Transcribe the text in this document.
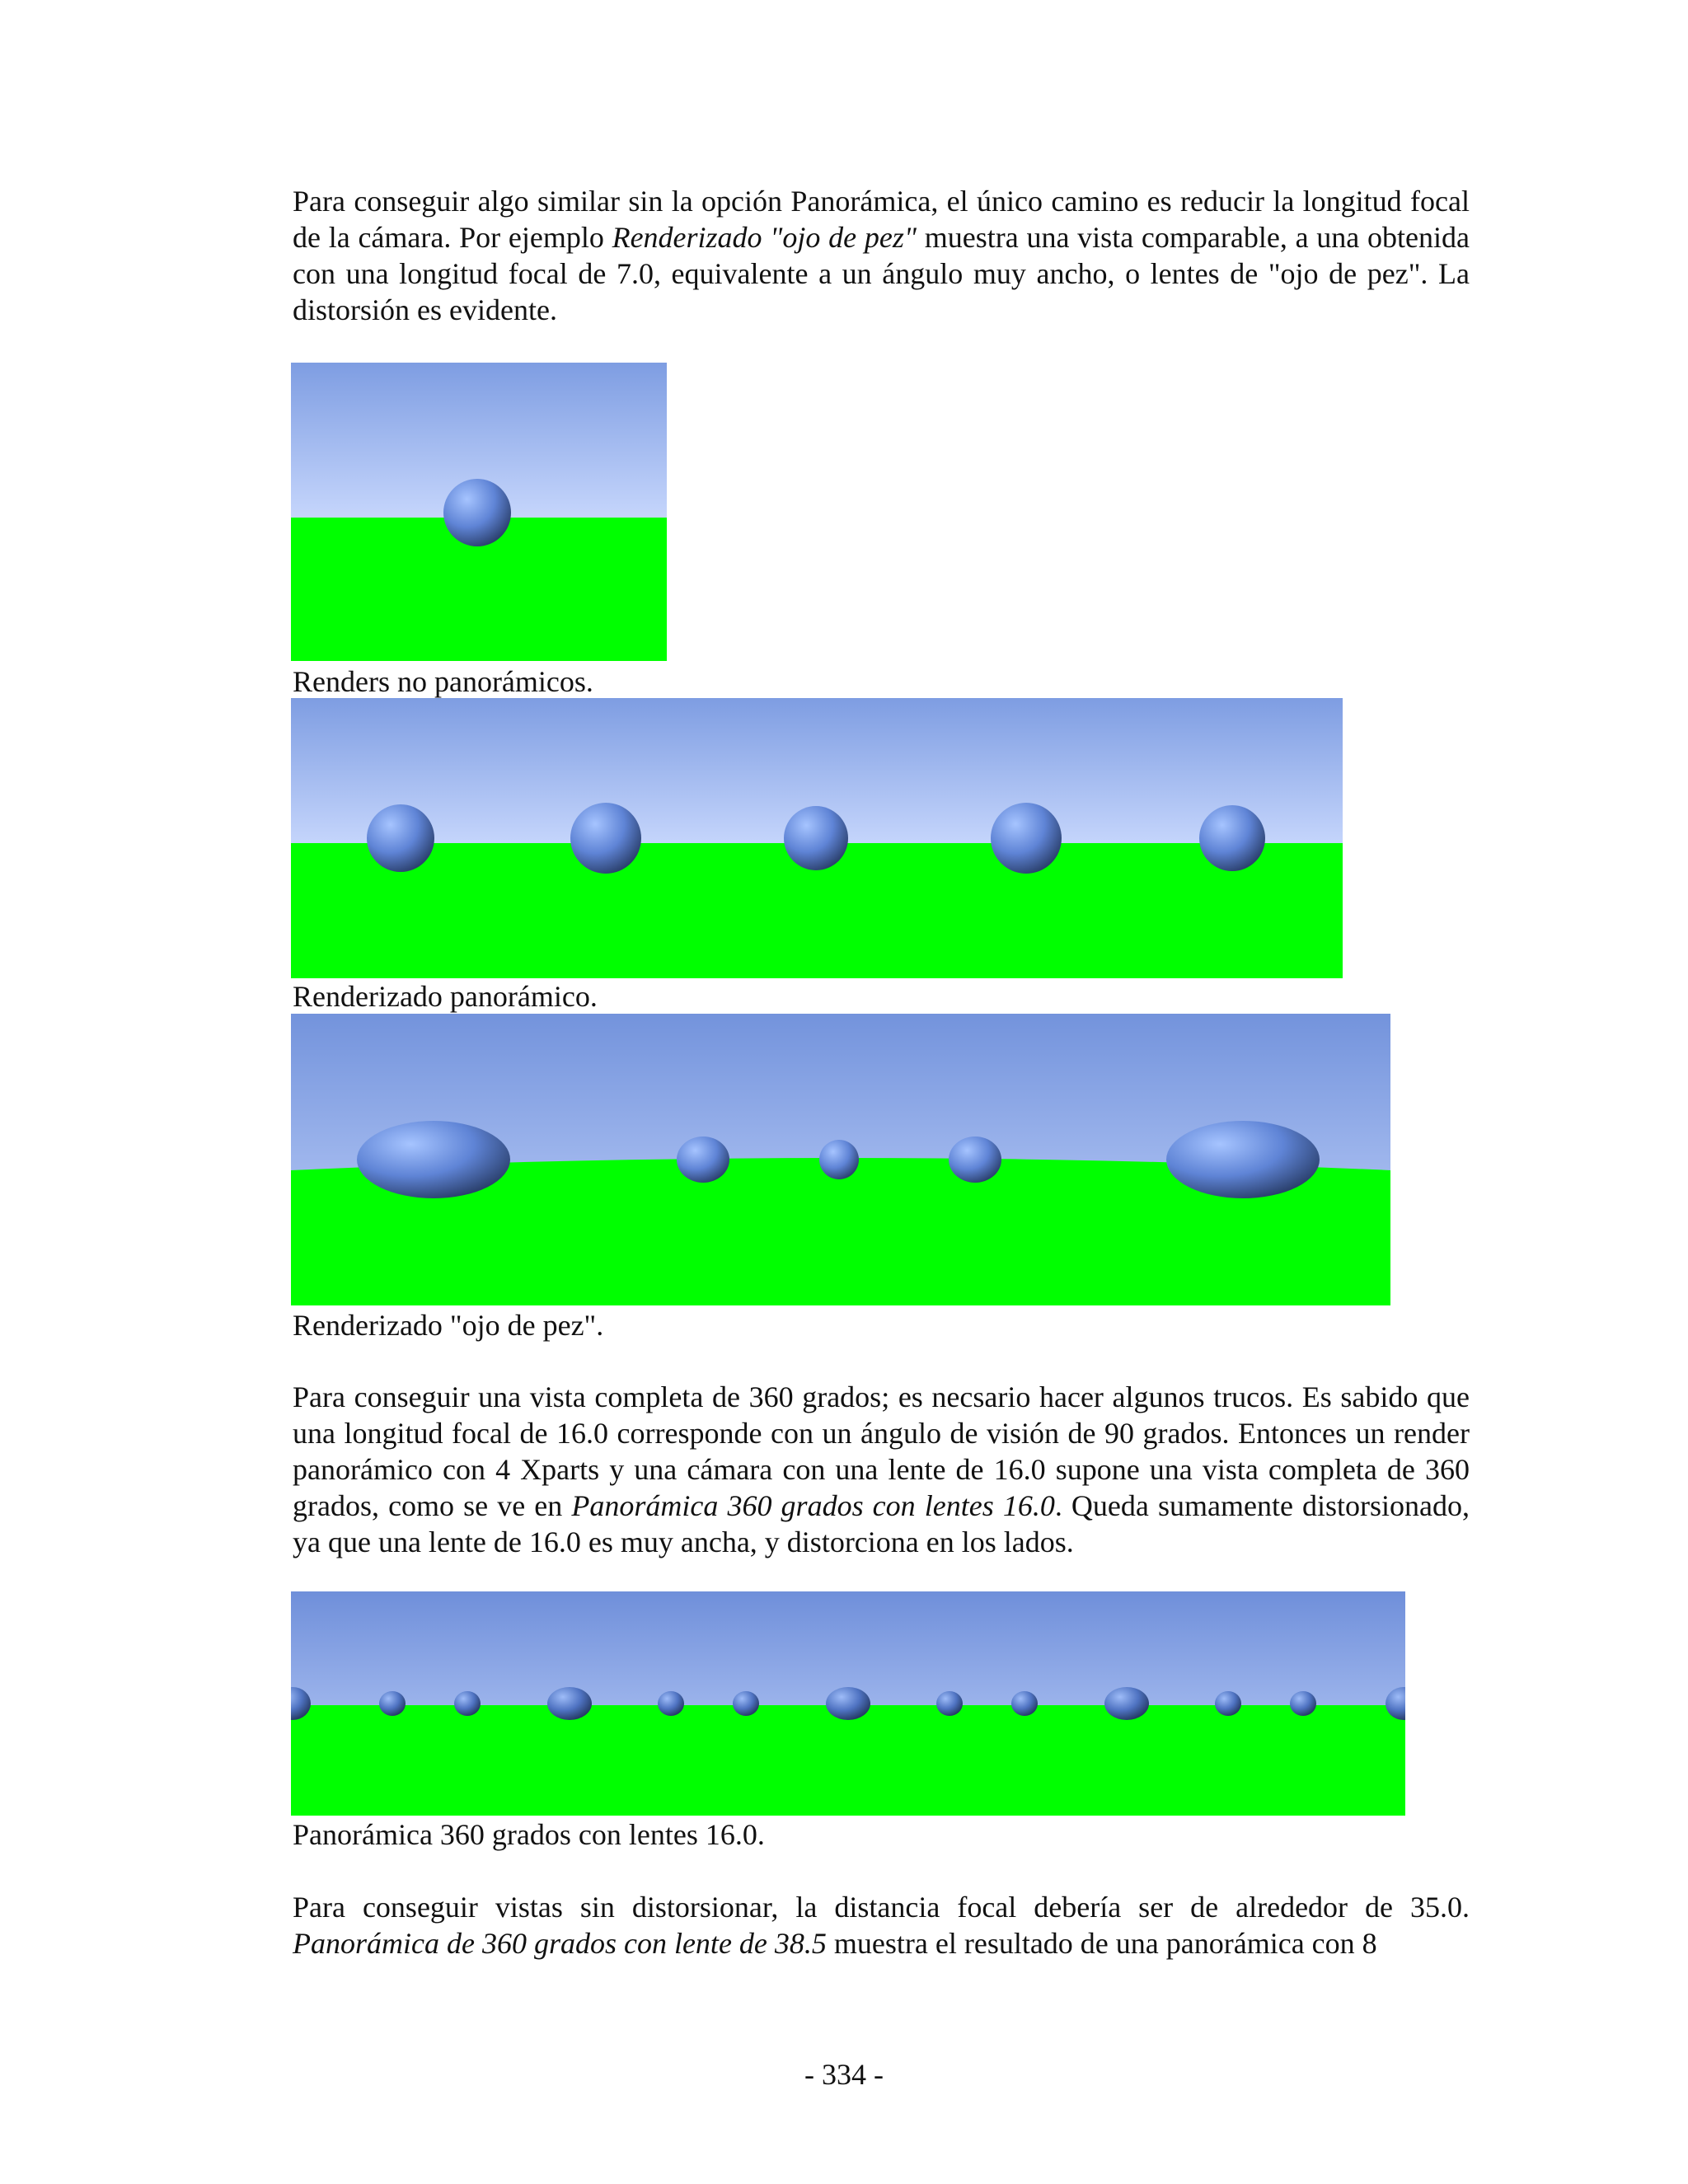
Para conseguir algo similar sin la opción Panorámica, el único camino es reducir la longitud focal de la cámara. Por ejemplo Renderizado "ojo de pez" muestra una vista comparable, a una obtenida con una longitud focal de 7.0, equivalente a un ángulo muy ancho, o lentes de "ojo de pez". La distorsión es evidente.

Renders no panorámicos.

Renderizado panorámico.

Renderizado "ojo de pez".

Para conseguir una vista completa de 360 grados; es necsario hacer algunos trucos. Es sabido que una longitud focal de 16.0 corresponde con un ángulo de visión de 90 grados. Entonces un render panorámico con 4 Xparts y una cámara con una lente de 16.0 supone una vista completa de 360 grados, como se ve en Panorámica 360 grados con lentes 16.0. Queda sumamente distorsionado, ya que una lente de 16.0 es muy ancha, y distorciona en los lados.

Panorámica 360 grados con lentes 16.0.

Para conseguir vistas sin distorsionar, la distancia focal debería ser de alrededor de 35.0. Panorámica de 360 grados con lente de 38.5 muestra el resultado de una panorámica con 8

- 334 -
